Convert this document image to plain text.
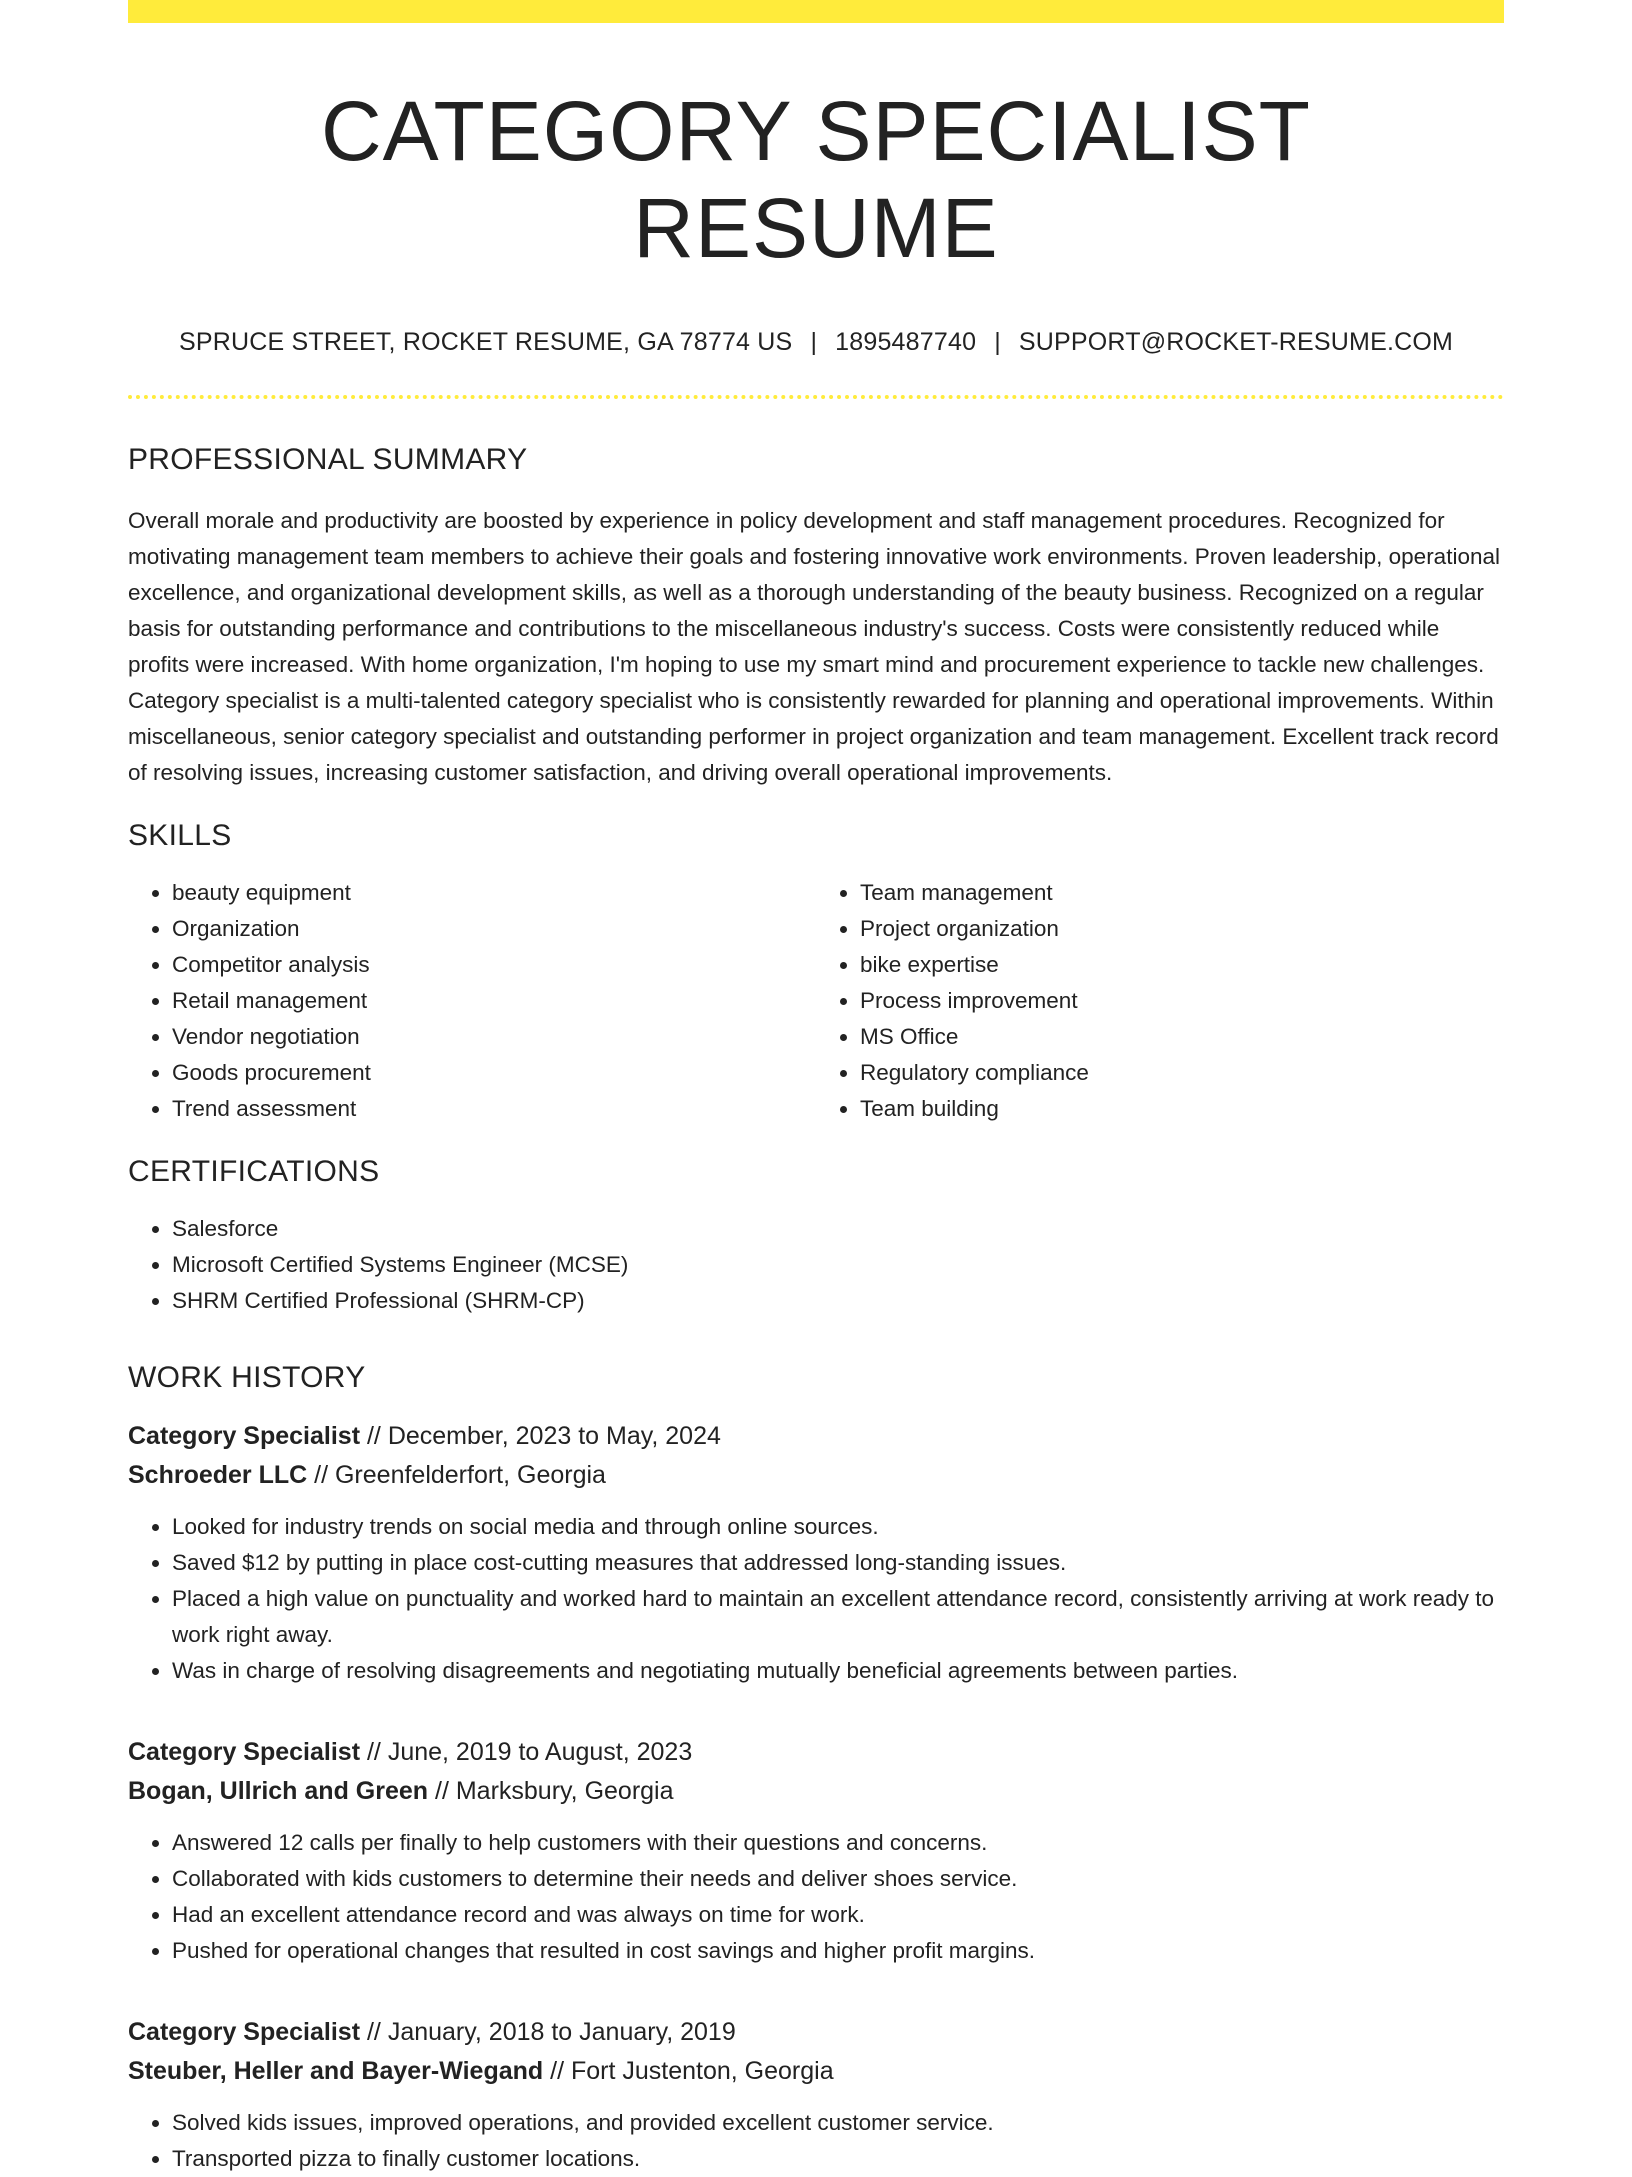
CATEGORY SPECIALIST RESUME
SPRUCE STREET, ROCKET RESUME, GA 78774 US | 1895487740 | SUPPORT@ROCKET-RESUME.COM
PROFESSIONAL SUMMARY
Overall morale and productivity are boosted by experience in policy development and staff management procedures. Recognized for motivating management team members to achieve their goals and fostering innovative work environments. Proven leadership, operational excellence, and organizational development skills, as well as a thorough understanding of the beauty business. Recognized on a regular basis for outstanding performance and contributions to the miscellaneous industry's success. Costs were consistently reduced while profits were increased. With home organization, I'm hoping to use my smart mind and procurement experience to tackle new challenges. Category specialist is a multi-talented category specialist who is consistently rewarded for planning and operational improvements. Within miscellaneous, senior category specialist and outstanding performer in project organization and team management. Excellent track record of resolving issues, increasing customer satisfaction, and driving overall operational improvements.
SKILLS
• beauty equipment
• Organization
• Competitor analysis
• Retail management
• Vendor negotiation
• Goods procurement
• Trend assessment
• Team management
• Project organization
• bike expertise
• Process improvement
• MS Office
• Regulatory compliance
• Team building
CERTIFICATIONS
• Salesforce
• Microsoft Certified Systems Engineer (MCSE)
• SHRM Certified Professional (SHRM-CP)
WORK HISTORY
Category Specialist // December, 2023 to May, 2024
Schroeder LLC // Greenfelderfort, Georgia
• Looked for industry trends on social media and through online sources.
• Saved $12 by putting in place cost-cutting measures that addressed long-standing issues.
• Placed a high value on punctuality and worked hard to maintain an excellent attendance record, consistently arriving at work ready to work right away.
• Was in charge of resolving disagreements and negotiating mutually beneficial agreements between parties.
Category Specialist // June, 2019 to August, 2023
Bogan, Ullrich and Green // Marksbury, Georgia
• Answered 12 calls per finally to help customers with their questions and concerns.
• Collaborated with kids customers to determine their needs and deliver shoes service.
• Had an excellent attendance record and was always on time for work.
• Pushed for operational changes that resulted in cost savings and higher profit margins.
Category Specialist // January, 2018 to January, 2019
Steuber, Heller and Bayer-Wiegand // Fort Justenton, Georgia
• Solved kids issues, improved operations, and provided excellent customer service.
• Transported pizza to finally customer locations.
